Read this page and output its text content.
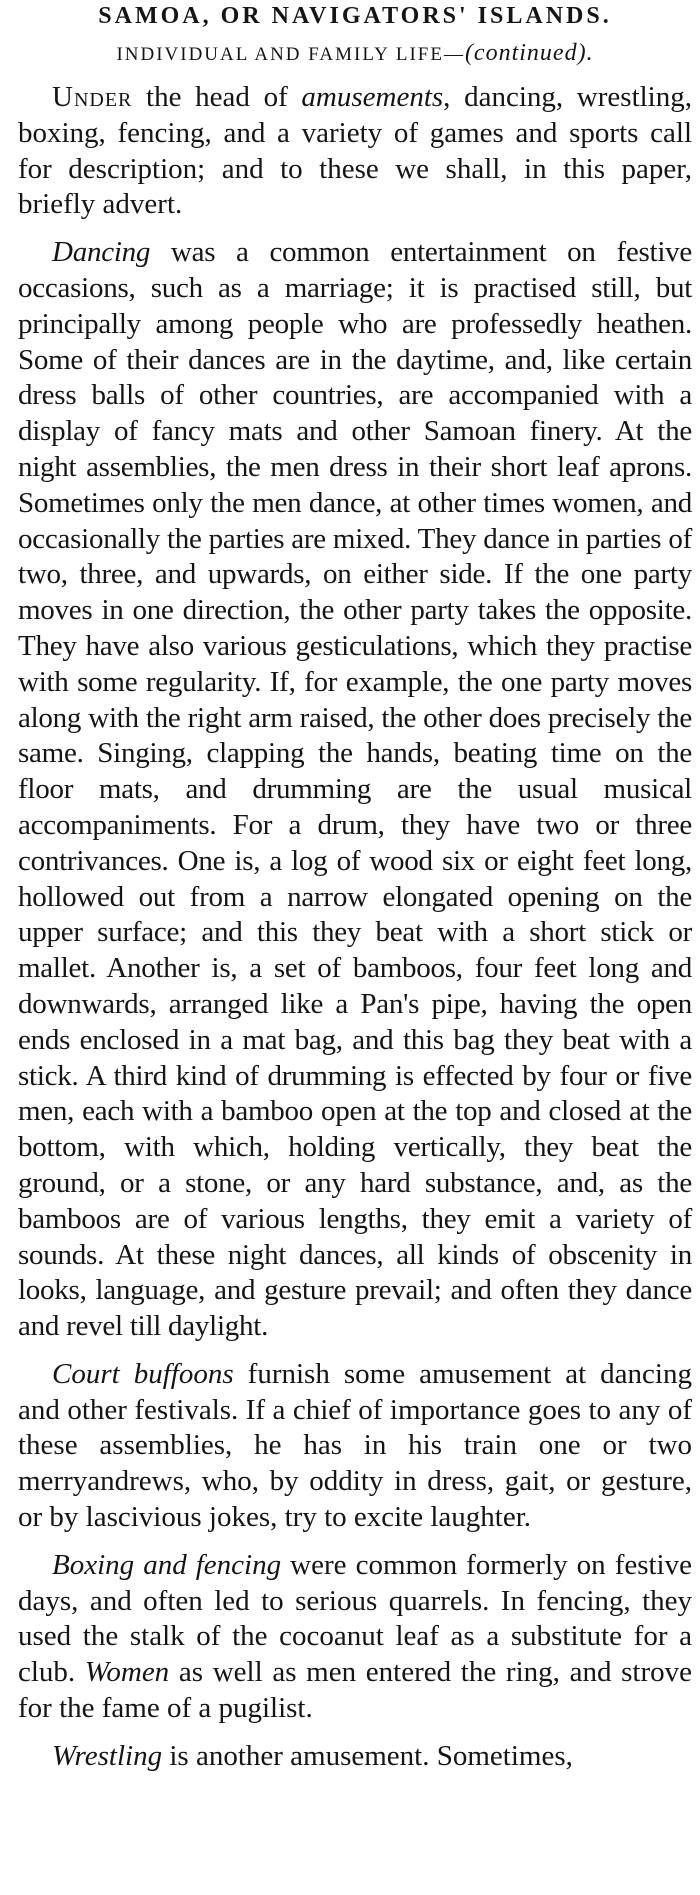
SAMOA, OR NAVIGATORS' ISLANDS.
INDIVIDUAL AND FAMILY LIFE—(continued).

Under the head of amusements, dancing, wrestling, boxing, fencing, and a variety of games and sports call for description; and to these we shall, in this paper, briefly advert.

Dancing was a common entertainment on festive occasions, such as a marriage; it is practised still, but principally among people who are professedly heathen. Some of their dances are in the daytime, and, like certain dress balls of other countries, are accompanied with a display of fancy mats and other Samoan finery. At the night assemblies, the men dress in their short leaf aprons. Sometimes only the men dance, at other times women, and occasionally the parties are mixed. They dance in parties of two, three, and upwards, on either side. If the one party moves in one direction, the other party takes the opposite. They have also various gesticulations, which they practise with some regularity. If, for example, the one party moves along with the right arm raised, the other does precisely the same. Singing, clapping the hands, beating time on the floor mats, and drumming are the usual musical accompaniments. For a drum, they have two or three contrivances. One is, a log of wood six or eight feet long, hollowed out from a narrow elongated opening on the upper surface; and this they beat with a short stick or mallet. Another is, a set of bamboos, four feet long and downwards, arranged like a Pan's pipe, having the open ends enclosed in a mat bag, and this bag they beat with a stick. A third kind of drumming is effected by four or five men, each with a bamboo open at the top and closed at the bottom, with which, holding vertically, they beat the ground, or a stone, or any hard substance, and, as the bamboos are of various lengths, they emit a variety of sounds. At these night dances, all kinds of obscenity in looks, language, and gesture prevail; and often they dance and revel till daylight.

Court buffoons furnish some amusement at dancing and other festivals. If a chief of importance goes to any of these assemblies, he has in his train one or two merryandrews, who, by oddity in dress, gait, or gesture, or by lascivious jokes, try to excite laughter.

Boxing and fencing were common formerly on festive days, and often led to serious quarrels. In fencing, they used the stalk of the cocoanut leaf as a substitute for a club. Women as well as men entered the ring, and strove for the fame of a pugilist.

Wrestling is another amusement. Sometimes,
